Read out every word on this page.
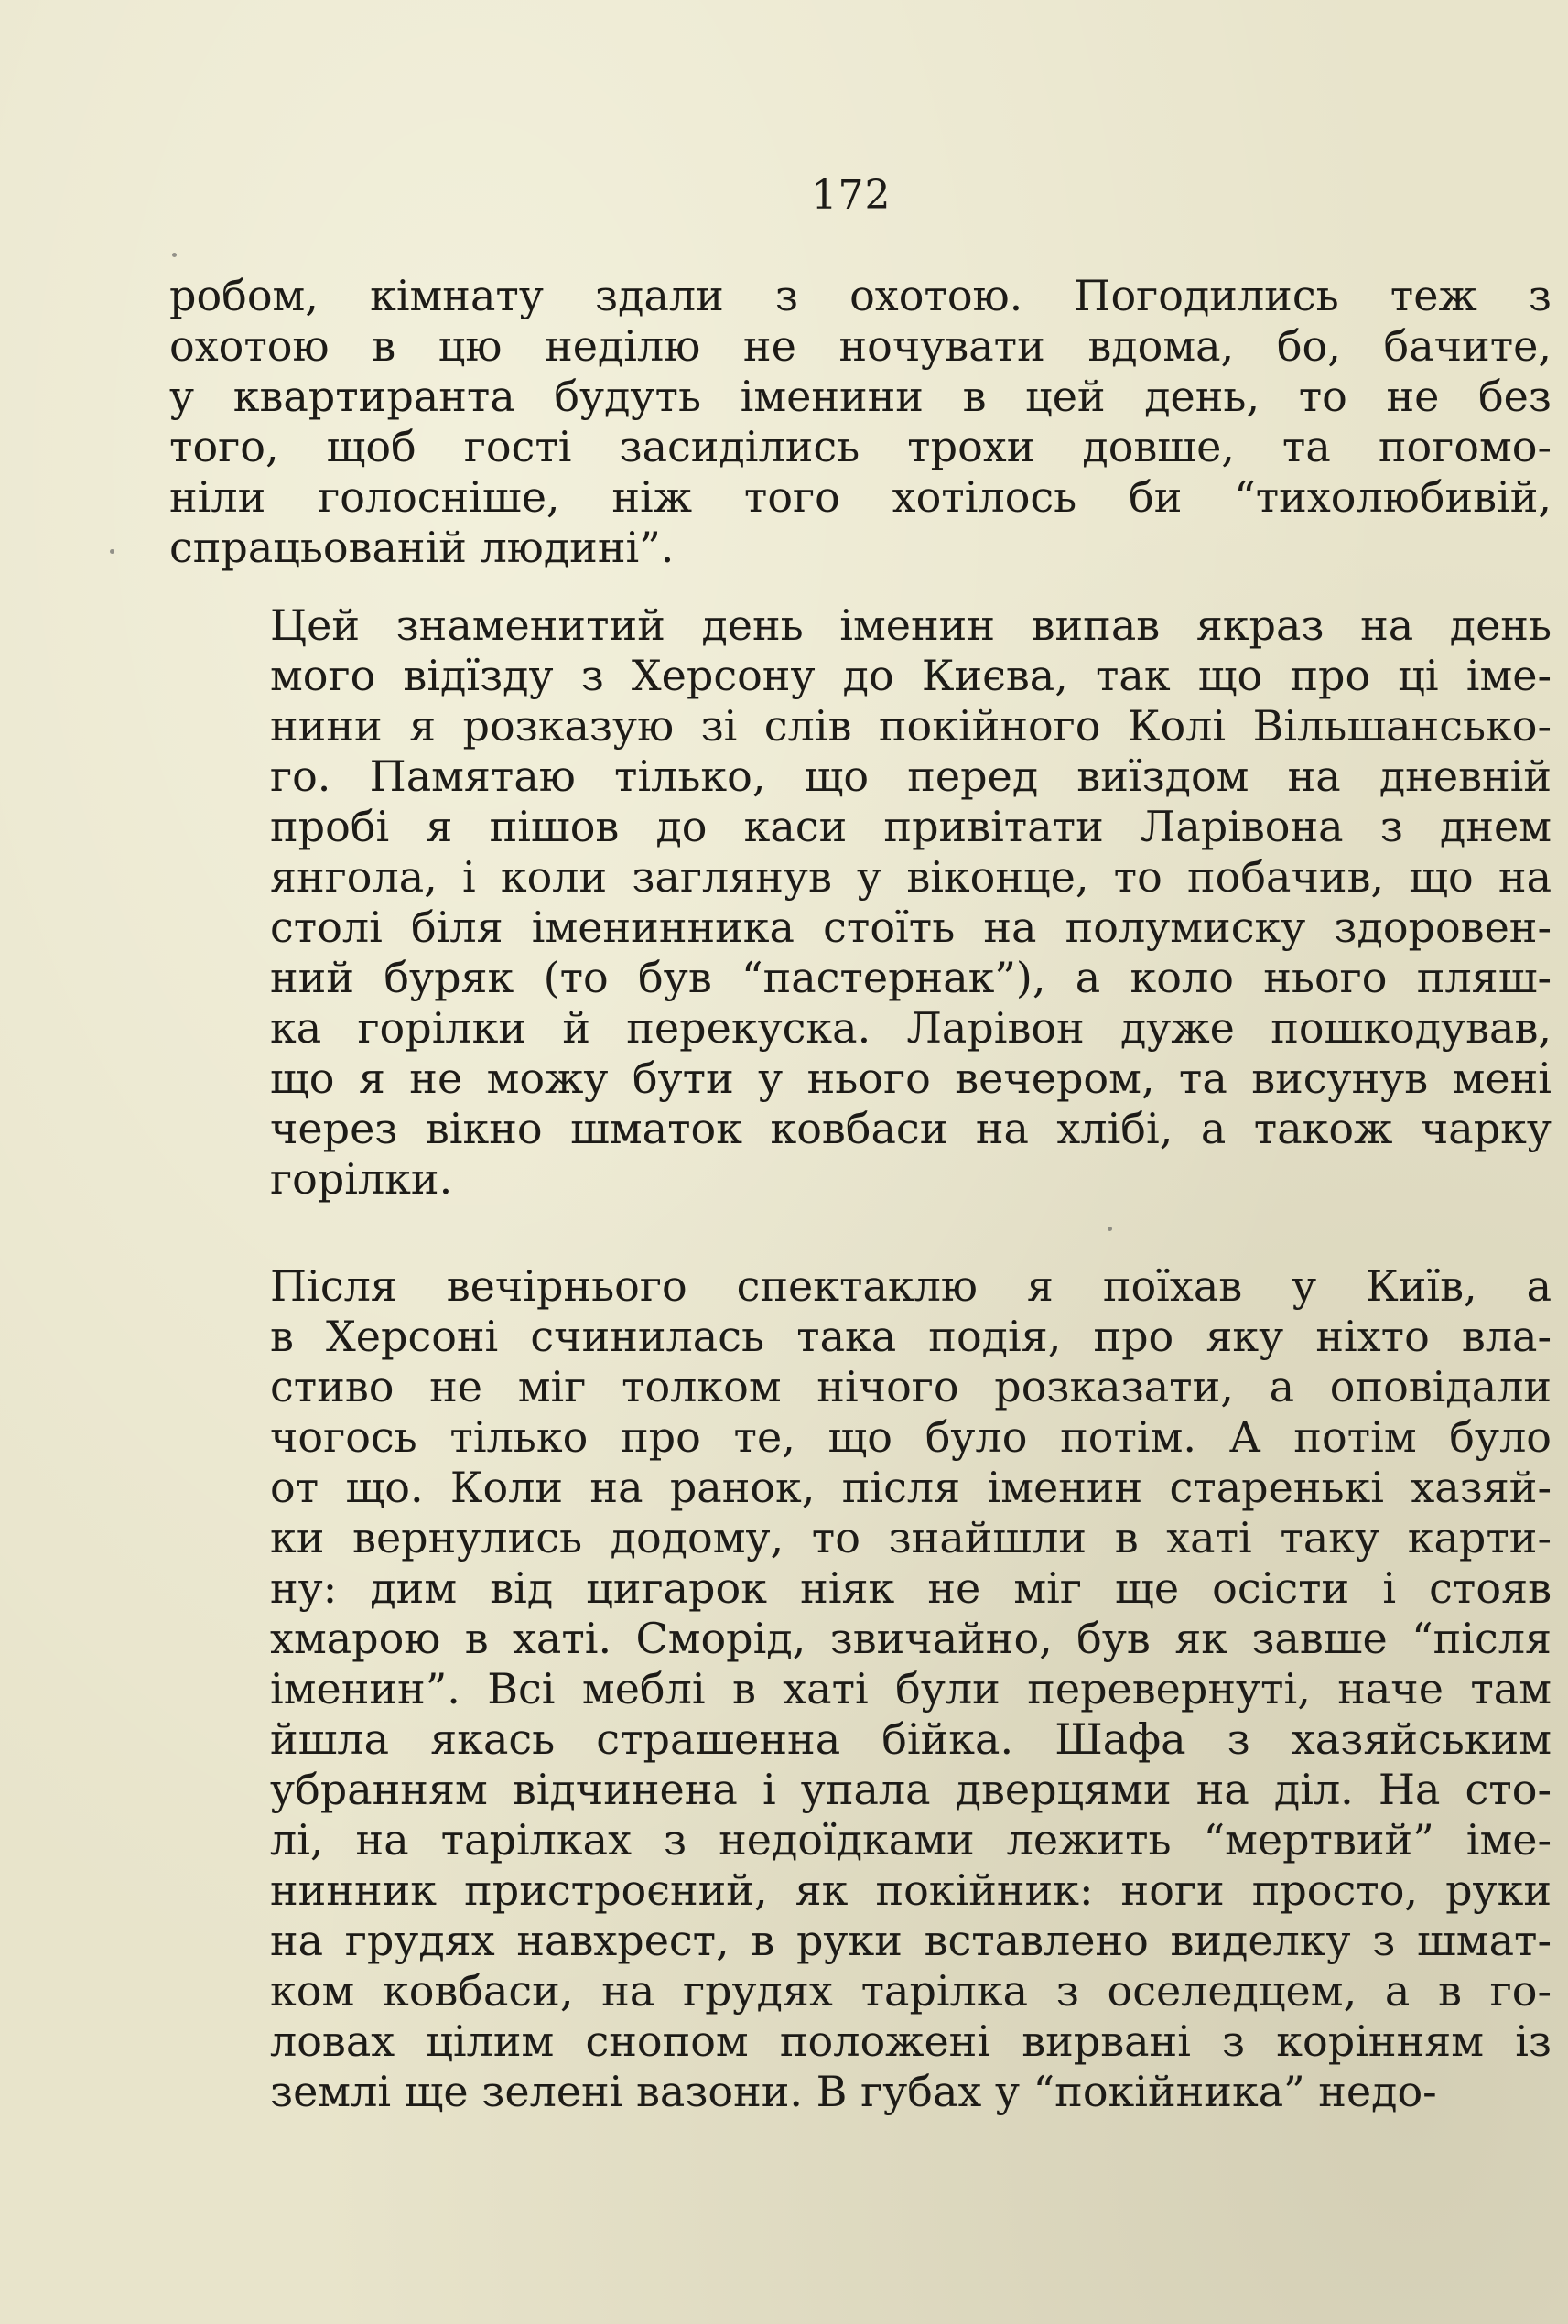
172

робом, кімнату здали з охотою. Погодились теж з
охотою в цю неділю не ночувати вдома, бо, бачите,
у квартиранта будуть іменини в цей день, то не без
того, щоб гості засиділись трохи довше, та погомо-
ніли голосніше, ніж того хотілось би “тихолюбивій,
спрацьованій людині”.

Цей знаменитий день іменин випав якраз на день
мого відїзду з Херсону до Києва, так що про ці іме-
нини я розказую зі слів покійного Колі Вільшансько-
го. Памятаю тілько, що перед виїздом на дневній
пробі я пішов до каси привітати Ларівона з днем
янгола, і коли заглянув у віконце, то побачив, що на
столі біля іменинника стоїть на полумиску здоровен-
ний буряк (то був “пастернак”), а коло нього пляш-
ка горілки й перекуска. Ларівон дуже пошкодував,
що я не можу бути у нього вечером, та висунув мені
через вікно шматок ковбаси на хлібі, а також чарку
горілки.

Після вечірнього спектаклю я поїхав у Київ, а
в Херсоні счинилась така подія, про яку ніхто вла-
стиво не міг толком нічого розказати, а оповідали
чогось тілько про те, що було потім. А потім було
от що. Коли на ранок, після іменин старенькі хазяй-
ки вернулись додому, то знайшли в хаті таку карти-
ну: дим від цигарок ніяк не міг ще осісти і стояв
хмарою в хаті. Сморід, звичайно, був як завше “після
іменин”. Всі меблі в хаті були перевернуті, наче там
йшла якась страшенна бійка. Шафа з хазяйським
убранням відчинена і упала дверцями на діл. На сто-
лі, на тарілках з недоїдками лежить “мертвий” іме-
нинник пристроєний, як покійник: ноги просто, руки
на грудях навхрест, в руки вставлено виделку з шмат-
ком ковбаси, на грудях тарілка з оселедцем, а в го-
ловах цілим снопом положені вирвані з корінням із
землі ще зелені вазони. В губах у “покійника” недо-
